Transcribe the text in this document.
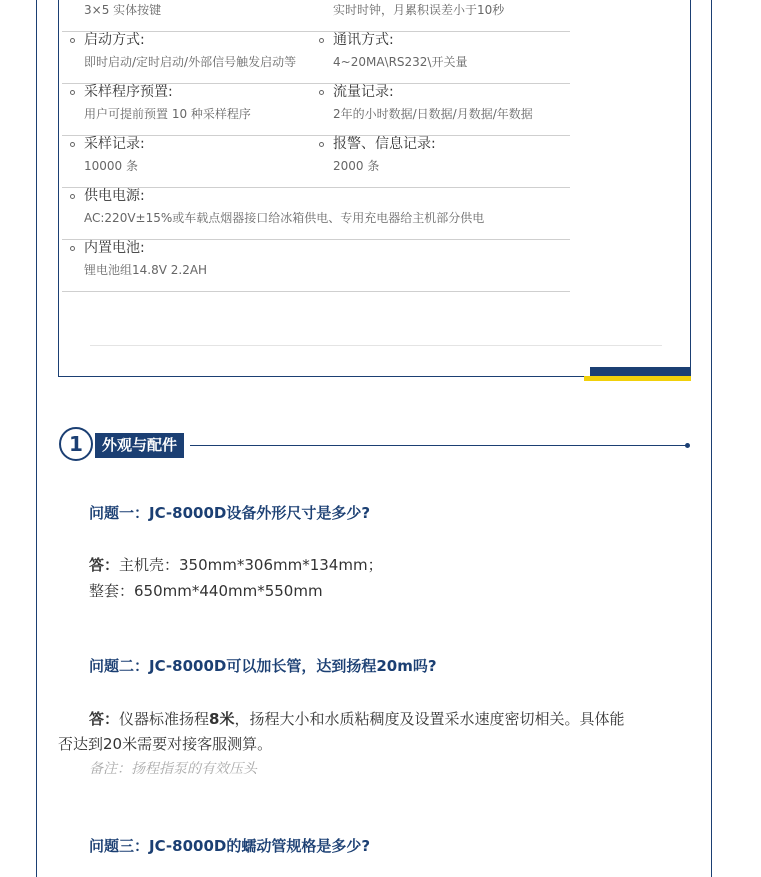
3×5 实体按键	实时时钟，月累积误差小于10秒
启动方式:
即时启动/定时启动/外部信号触发启动等
通讯方式:
4~20MA\RS232\开关量
采样程序预置:
用户可提前预置 10 种采样程序
流量记录:
2年的小时数据/日数据/月数据/年数据
采样记录:
10000 条
报警、信息记录:
2000 条
供电电源:
AC:220V±15%或车载点烟器接口给冰箱供电、专用充电器给主机部分供电
内置电池:
锂电池组14.8V 2.2AH
1	外观与配件
问题一：JC-8000D设备外形尺寸是多少?
答：主机壳：350mm*306mm*134mm；
整套：650mm*440mm*550mm
问题二：JC-8000D可以加长管，达到扬程20m吗?
答：仪器标准扬程8米，扬程大小和水质粘稠度及设置采水速度密切相关。具体能
否达到20米需要对接客服测算。
备注：扬程指泵的有效压头
问题三：JC-8000D的蠕动管规格是多少?
